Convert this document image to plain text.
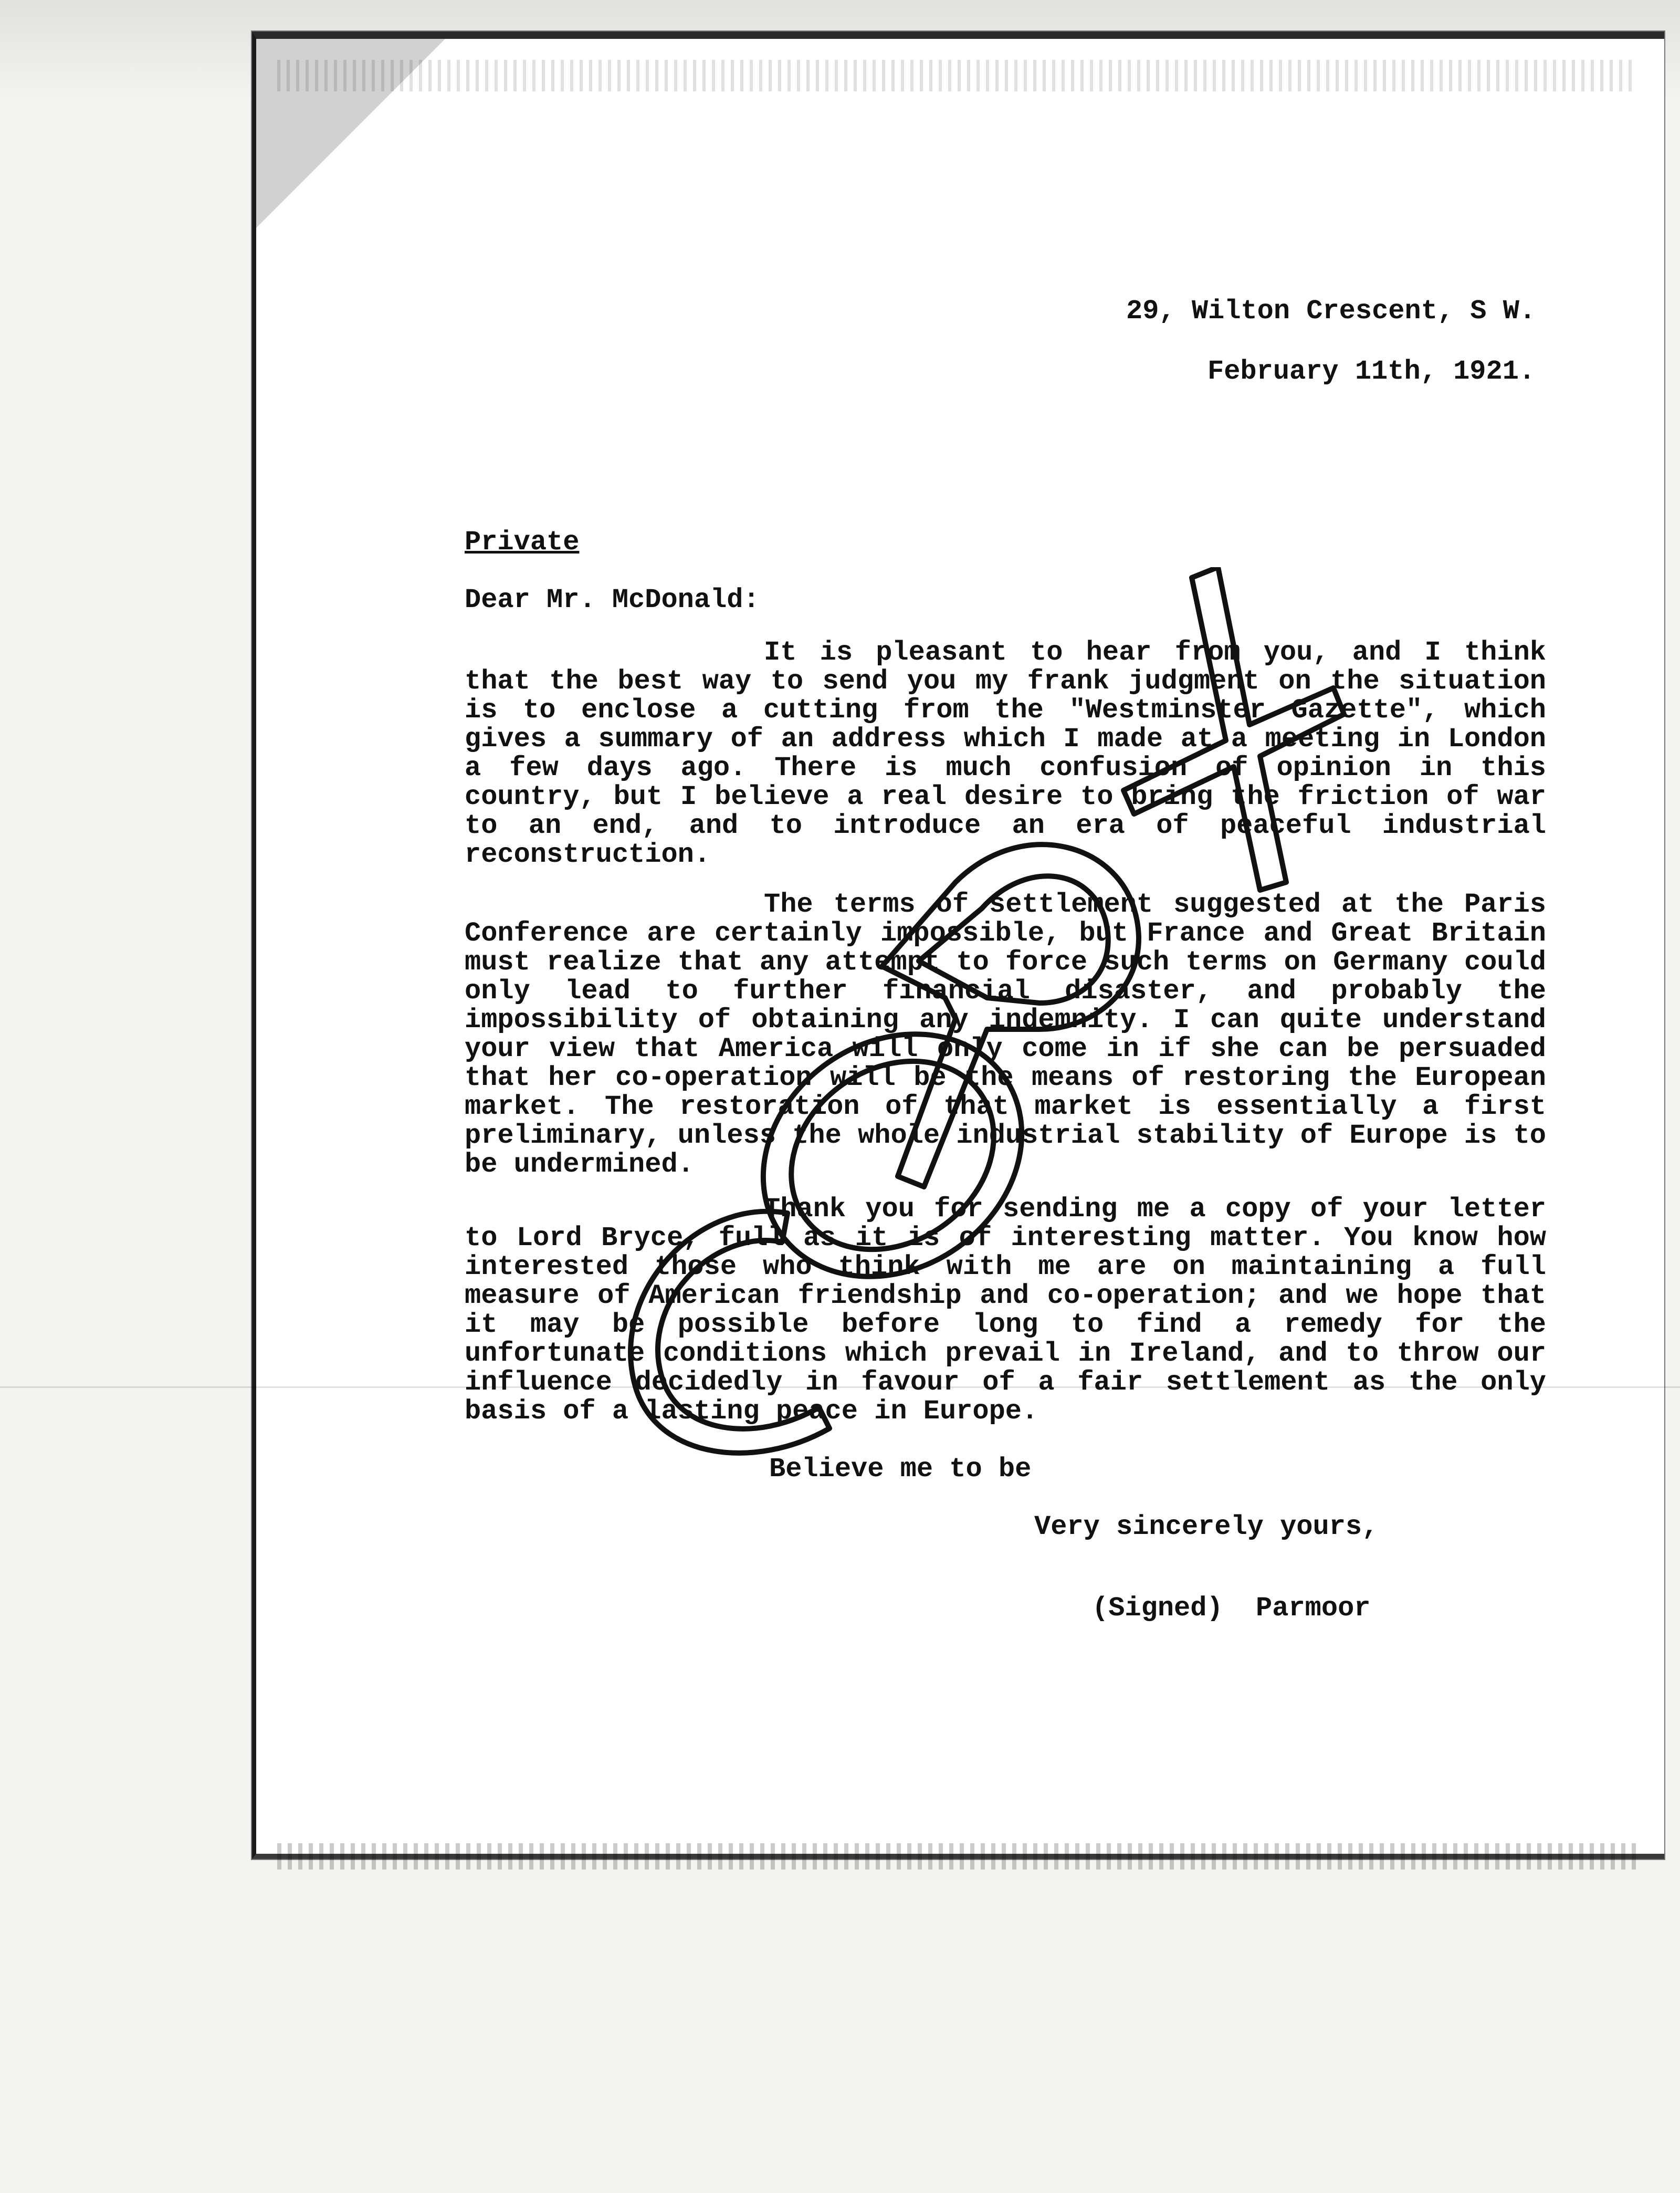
29, Wilton Crescent, S W.
February 11th, 1921.
Private
Dear Mr. McDonald:
It is pleasant to hear from you, and I think that the best way to send you my frank judgment on the situation is to enclose a cutting from the "Westminster Gazette", which gives a summary of an address which I made at a meeting in London a few days ago. There is much confusion of opinion in this country, but I believe a real desire to bring the friction of war to an end, and to introduce an era of peaceful industrial reconstruction.
The terms of settlement suggested at the Paris Conference are certainly impossible, but France and Great Britain must realize that any attempt to force such terms on Germany could only lead to further financial disaster, and probably the impossibility of obtaining any indemnity. I can quite understand your view that America will only come in if she can be persuaded that her co-operation will be the means of restoring the European market. The restoration of that market is essentially a first preliminary, unless the whole industrial stability of Europe is to be undermined.
Thank you for sending me a copy of your letter to Lord Bryce, full as it is of interesting matter. You know how interested those who think with me are on maintaining a full measure of American friendship and co-operation; and we hope that it may be possible before long to find a remedy for the unfortunate conditions which prevail in Ireland, and to throw our influence decidedly in favour of a fair settlement as the only basis of a lasting peace in Europe.
Believe me to be
Very sincerely yours,
(Signed)  Parmoor
